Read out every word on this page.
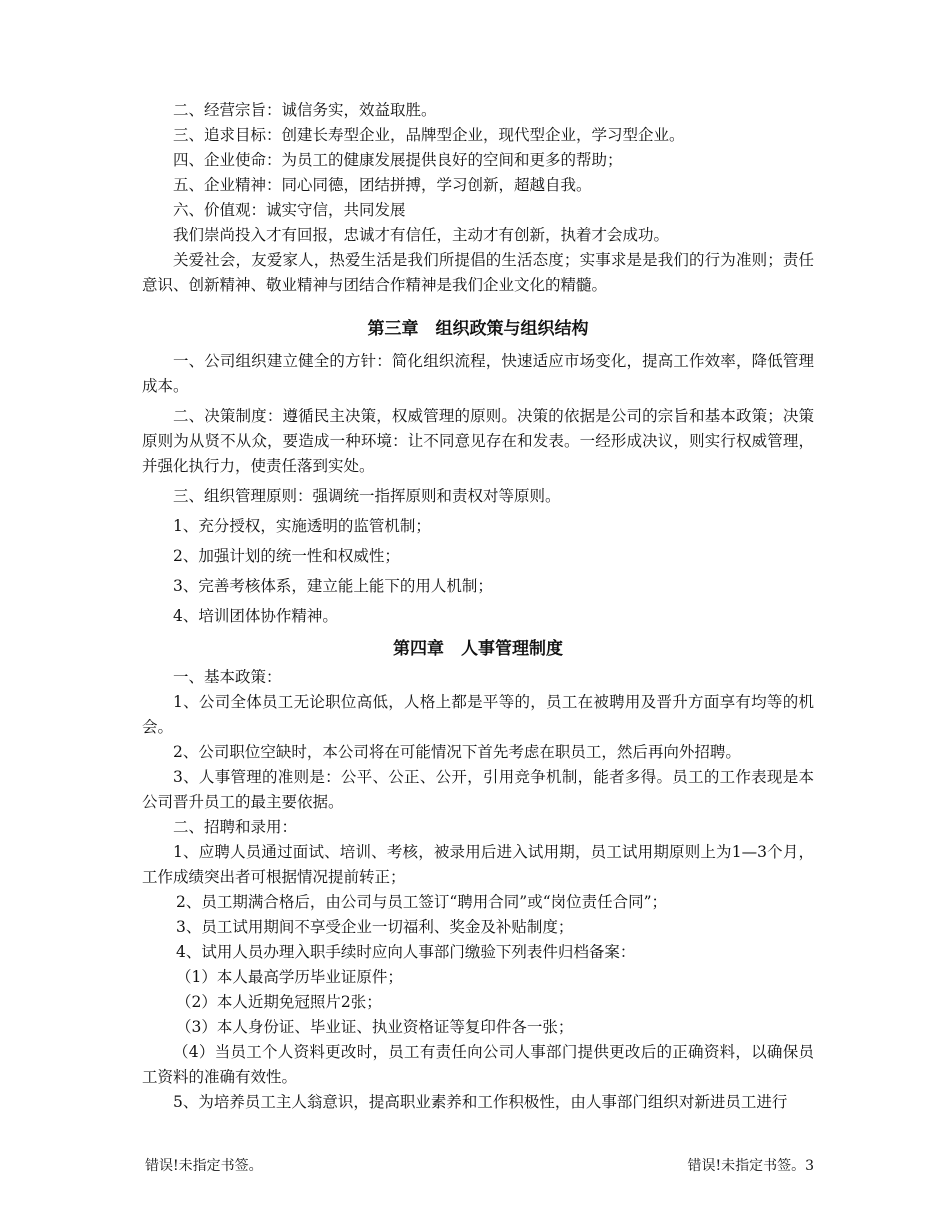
二、经营宗旨：诚信务实，效益取胜。

三、追求目标：创建长寿型企业，品牌型企业，现代型企业，学习型企业。

四、企业使命：为员工的健康发展提供良好的空间和更多的帮助；

五、企业精神：同心同德，团结拼搏，学习创新，超越自我。

六、价值观：诚实守信，共同发展

我们崇尚投入才有回报，忠诚才有信任，主动才有创新，执着才会成功。

关爱社会，友爱家人，热爱生活是我们所提倡的生活态度；实事求是是我们的行为准则；责任意识、创新精神、敬业精神与团结合作精神是我们企业文化的精髓。

第三章　组织政策与组织结构

一、公司组织建立健全的方针：简化组织流程，快速适应市场变化，提高工作效率，降低管理成本。

二、决策制度：遵循民主决策，权威管理的原则。决策的依据是公司的宗旨和基本政策；决策原则为从贤不从众，要造成一种环境：让不同意见存在和发表。一经形成决议，则实行权威管理，并强化执行力，使责任落到实处。

三、组织管理原则：强调统一指挥原则和责权对等原则。

1、充分授权，实施透明的监管机制；

2、加强计划的统一性和权威性；

3、完善考核体系，建立能上能下的用人机制；

4、培训团体协作精神。

第四章　人事管理制度

一、基本政策：

1、公司全体员工无论职位高低，人格上都是平等的，员工在被聘用及晋升方面享有均等的机会。

2、公司职位空缺时，本公司将在可能情况下首先考虑在职员工，然后再向外招聘。

3、人事管理的准则是：公平、公正、公开，引用竞争机制，能者多得。员工的工作表现是本公司晋升员工的最主要依据。

二、招聘和录用：

1、应聘人员通过面试、培训、考核，被录用后进入试用期，员工试用期原则上为1—3个月，工作成绩突出者可根据情况提前转正；

2、员工期满合格后，由公司与员工签订“聘用合同”或“岗位责任合同”；

3、员工试用期间不享受企业一切福利、奖金及补贴制度；

4、试用人员办理入职手续时应向人事部门缴验下列表件归档备案：

（1）本人最高学历毕业证原件；

（2）本人近期免冠照片2张；

（3）本人身份证、毕业证、执业资格证等复印件各一张；

（4）当员工个人资料更改时，员工有责任向公司人事部门提供更改后的正确资料，以确保员工资料的准确有效性。

5、为培养员工主人翁意识，提高职业素养和工作积极性，由人事部门组织对新进员工进行

错误!未指定书签。	错误!未指定书签。3
